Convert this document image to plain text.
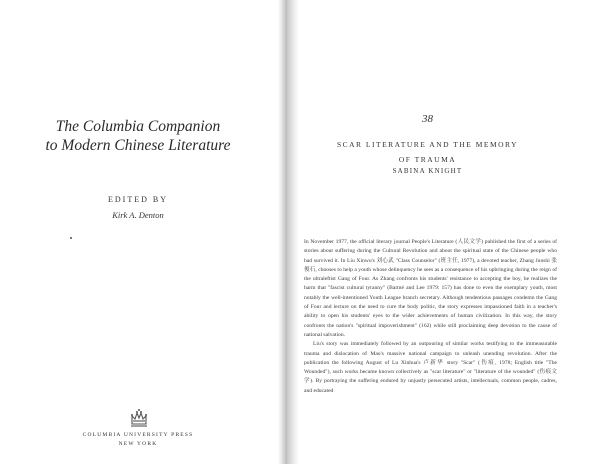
The Columbia Companion
to Modern Chinese Literature
EDITED BY
Kirk A. Denton
COLUMBIA UNIVERSITY PRESS
NEW YORK
38
SCAR LITERATURE AND THE MEMORY
OF TRAUMA
SABINA KNIGHT

In November 1977, the official literary journal People's Literature (人民文学) published the first of a series of stories about suffering during the Cultural Revolution and about the spiritual state of the Chinese people who had survived it. In Liu Xinwu's 刘心武 "Class Counselor" (班主任, 1977), a devoted teacher, Zhang Junshi 张俊石, chooses to help a youth whose delinquency he sees as a consequence of his upbringing during the reign of the ultraleftist Gang of Four. As Zhang confronts his students' resistance to accepting the boy, he realizes the harm that "fascist cultural tyranny" (Barmé and Lee 1979: 157) has done to even the exemplary youth, most notably the well-intentioned Youth League branch secretary. Although tendentious passages condemn the Gang of Four and lecture on the need to cure the body politic, the story expresses impassioned faith in a teacher's ability to open his students' eyes to the wider achievements of human civilization. In this way, the story confronts the nation's "spiritual impoverishment" (162) while still proclaiming deep devotion to the cause of national salvation.

Liu's story was immediately followed by an outpouring of similar works testifying to the immeasurable trauma and dislocation of Mao's massive national campaign to unleash unending revolution. After the publication the following August of Lu Xinhua's 卢新华 story "Scar" (伤痕, 1978; English title "The Wounded"), such works became known collectively as "scar literature" or "literature of the wounded" (伤痕文学). By portraying the suffering endured by unjustly persecuted artists, intellectuals, common people, cadres, and educated
